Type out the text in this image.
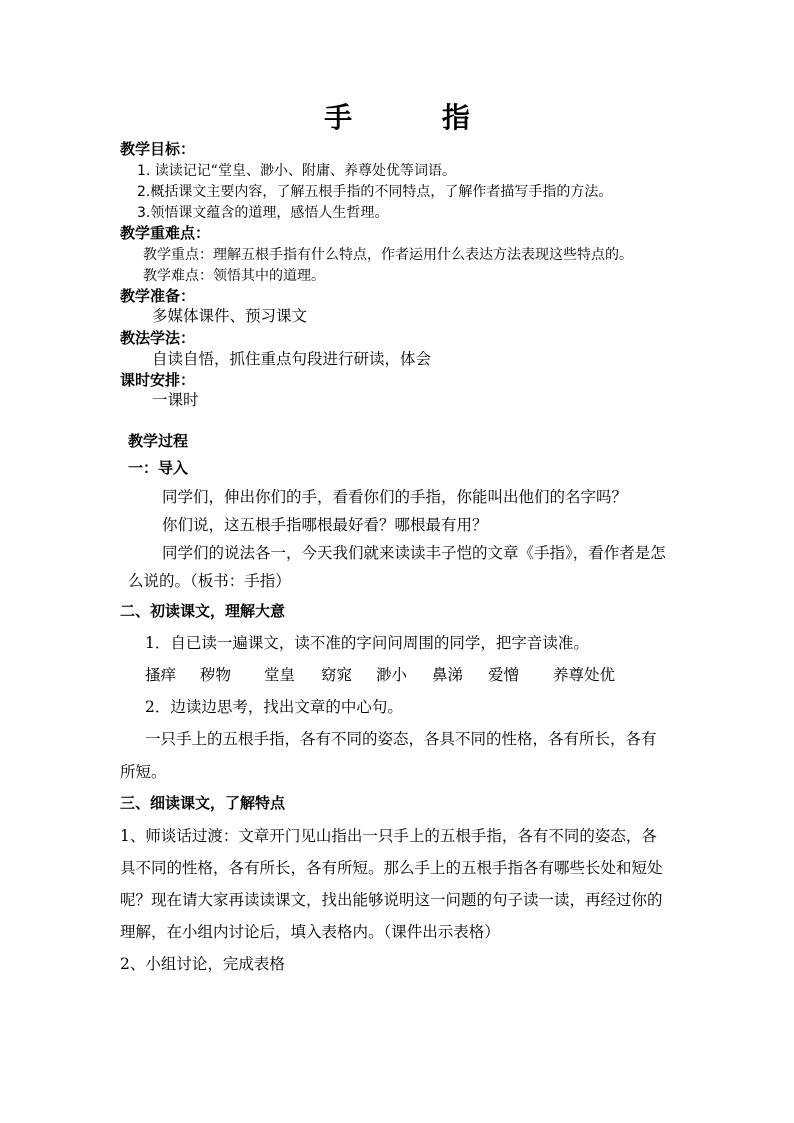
手 指
教学目标：
1. 读读记记“堂皇、渺小、附庸、养尊处优等词语。
2.概括课文主要内容，了解五根手指的不同特点，了解作者描写手指的方法。
3.领悟课文蕴含的道理，感悟人生哲理。
教学重难点：
教学重点：理解五根手指有什么特点，作者运用什么表达方法表现这些特点的。
教学难点：领悟其中的道理。
教学准备：
多媒体课件、预习课文
教法学法：
自读自悟，抓住重点句段进行研读，体会
课时安排：
一课时
教学过程
一：导入
同学们，伸出你们的手，看看你们的手指，你能叫出他们的名字吗？
你们说，这五根手指哪根最好看？哪根最有用？
同学们的说法各一，今天我们就来读读丰子恺的文章《手指》，看作者是怎
么说的。（板书：手指）
二、初读课文，理解大意
1．自已读一遍课文，读不准的字问问周围的同学，把字音读准。
搔痒 秽物 堂皇 窈窕 渺小 鼻涕 爱憎 养尊处优
2．边读边思考，找出文章的中心句。
一只手上的五根手指，各有不同的姿态，各具不同的性格，各有所长，各有
所短。
三、细读课文，了解特点
1、师谈话过渡：文章开门见山指出一只手上的五根手指，各有不同的姿态，各
具不同的性格，各有所长，各有所短。那么手上的五根手指各有哪些长处和短处
呢？现在请大家再读读课文，找出能够说明这一问题的句子读一读，再经过你的
理解，在小组内讨论后，填入表格内。（课件出示表格）
2、小组讨论，完成表格
